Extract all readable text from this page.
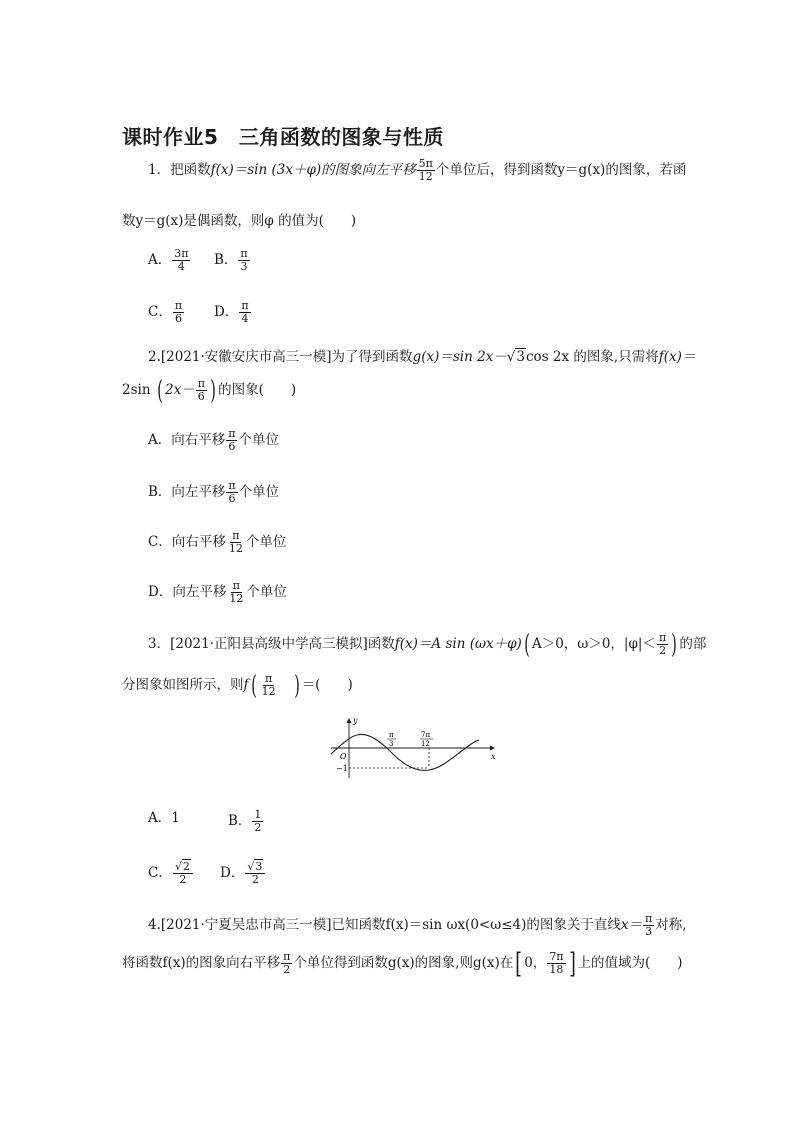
课时作业5　三角函数的图象与性质
1．把函数f(x)＝sin (3x＋φ)的图象向左平移 $\frac{5\pi}{12}$ 个单位后，得到函数y＝g(x)的图象，若函
数y＝g(x)是偶函数，则φ 的值为(　　)
A． $\frac{3\pi}{4}$ B． $\frac{\pi}{3}$
C． $\frac{\pi}{6}$ D． $\frac{\pi}{4}$
2.[2021·安徽安庆市高三一模]为了得到函数g(x)＝sin 2x－√3cos 2x 的图象,只需将f(x)＝
2sin ( $2x- \frac{\pi}{6}$ ) 的图象(　　)
A．向右平移 $\frac{\pi}{6}$ 个单位
B．向左平移 $\frac{\pi}{6}$ 个单位
C．向右平移 $\frac{\pi}{12}$ 个单位
D．向左平移 $\frac{\pi}{12}$ 个单位
3．[2021·正阳县高级中学高三模拟]函数f(x)＝A sin (ωx＋φ)( A＞0，ω＞0，$|\varphi|< \frac{\pi}{2}$ ) 的部
分图象如图所示，则$f( \frac{\pi}{12}$ ) ＝(　　)
y
x
O
−1
π
3
7π
12
A．1	B． $\frac{1}{2}$
C． $\frac{√2}{2}$ D． $\frac{√3}{2}$
4.[2021·宁夏吴忠市高三一模]已知函数f(x)＝sin ωx(0<ω≤4)的图象关于直线$x= \frac{\pi}{3}$ 对称,
将函数f(x)的图象向右平移 $\frac{\pi}{2}$ 个单位得到函数g(x)的图象,则g(x)在[ 0， $\frac{7\pi}{18}$ ] 上的值域为(　　)
